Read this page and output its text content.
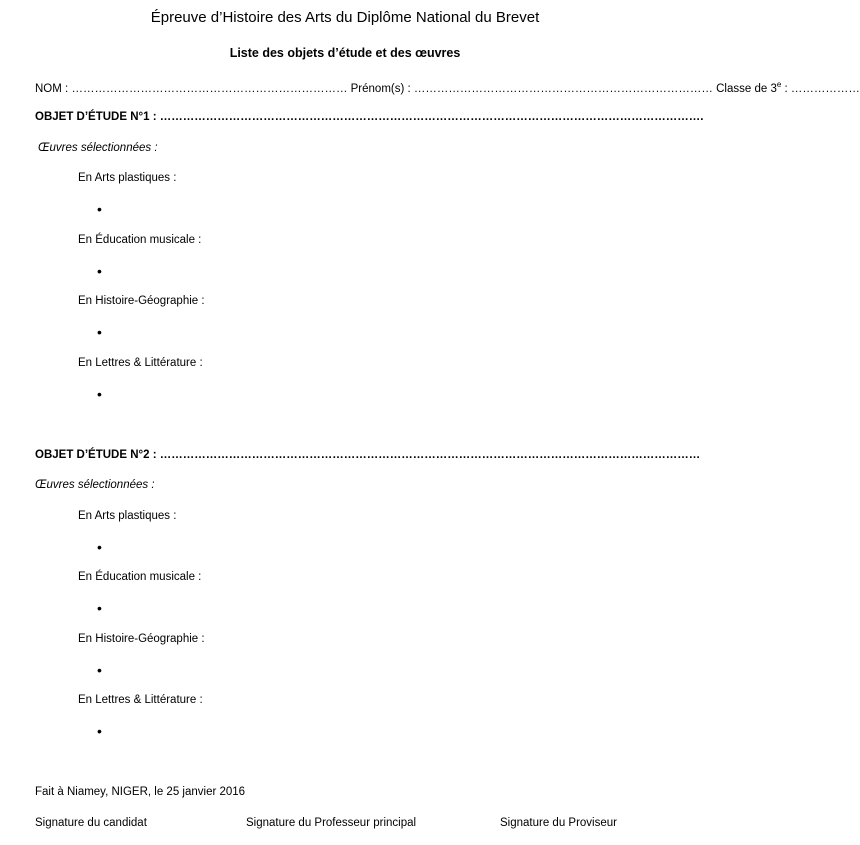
Épreuve d’Histoire des Arts du Diplôme National du Brevet
Liste des objets d’étude et des œuvres
NOM : ……………………………………………………………… Prénom(s) : …………………………………………………………………… Classe de 3e : ………………
OBJET D’ÉTUDE N°1 : …………………………………………………………………………………………………………………………….
Œuvres sélectionnées :
En Arts plastiques :
•
En Éducation musicale :
•
En Histoire-Géographie :
•
En Lettres & Littérature :
•
OBJET D’ÉTUDE N°2 : ……………………………………………………………………………………………………………………………
Œuvres sélectionnées :
En Arts plastiques :
•
En Éducation musicale :
•
En Histoire-Géographie :
•
En Lettres & Littérature :
•
Fait à Niamey, NIGER, le 25 janvier 2016
Signature du candidat	Signature du Professeur principal	Signature du Proviseur
